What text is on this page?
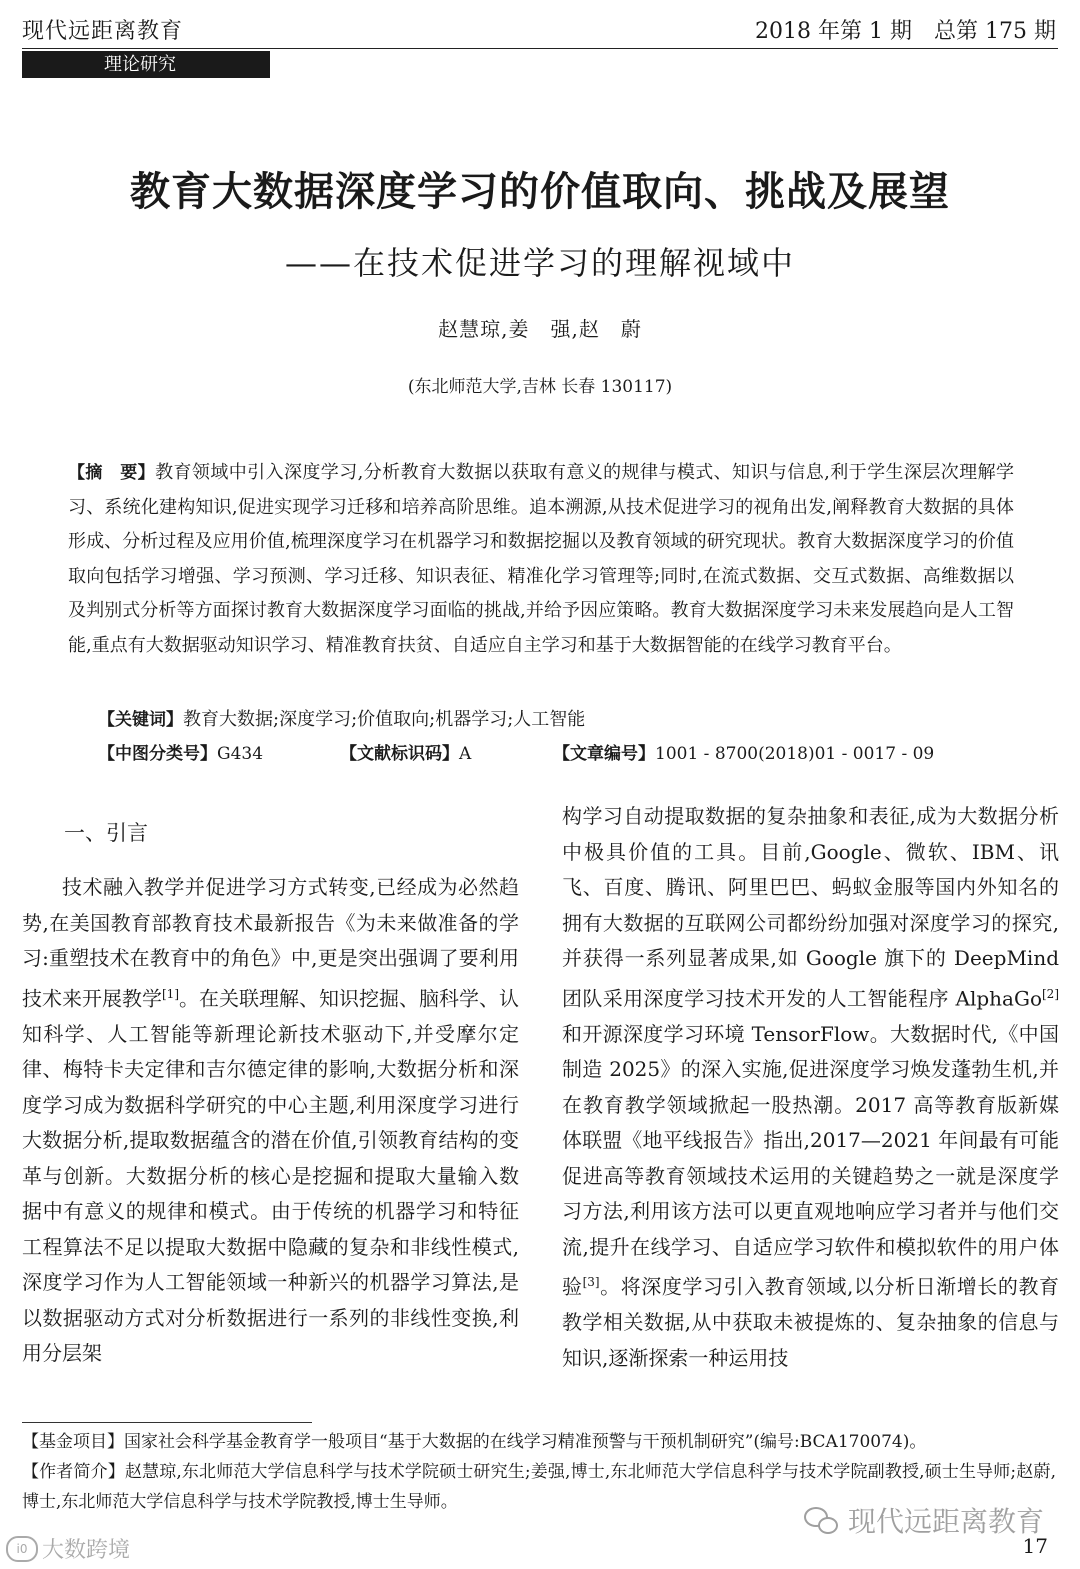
现代远距离教育	2018 年第 1 期　总第 175 期
理论研究
教育大数据深度学习的价值取向、挑战及展望
——在技术促进学习的理解视域中
赵慧琼,姜　强,赵　蔚
(东北师范大学,吉林 长春 130117)
【摘　要】教育领域中引入深度学习,分析教育大数据以获取有意义的规律与模式、知识与信息,利于学生深层次理解学习、系统化建构知识,促进实现学习迁移和培养高阶思维。追本溯源,从技术促进学习的视角出发,阐释教育大数据的具体形成、分析过程及应用价值,梳理深度学习在机器学习和数据挖掘以及教育领域的研究现状。教育大数据深度学习的价值取向包括学习增强、学习预测、学习迁移、知识表征、精准化学习管理等;同时,在流式数据、交互式数据、高维数据以及判别式分析等方面探讨教育大数据深度学习面临的挑战,并给予因应策略。教育大数据深度学习未来发展趋向是人工智能,重点有大数据驱动知识学习、精准教育扶贫、自适应自主学习和基于大数据智能的在线学习教育平台。
【关键词】教育大数据;深度学习;价值取向;机器学习;人工智能
【中图分类号】G434	【文献标识码】A	【文章编号】1001 - 8700(2018)01 - 0017 - 09
一、引言

技术融入教学并促进学习方式转变,已经成为必然趋势,在美国教育部教育技术最新报告《为未来做准备的学习:重塑技术在教育中的角色》中,更是突出强调了要利用技术来开展教学[1]。在关联理解、知识挖掘、脑科学、认知科学、人工智能等新理论新技术驱动下,并受摩尔定律、梅特卡夫定律和吉尔德定律的影响,大数据分析和深度学习成为数据科学研究的中心主题,利用深度学习进行大数据分析,提取数据蕴含的潜在价值,引领教育结构的变革与创新。大数据分析的核心是挖掘和提取大量输入数据中有意义的规律和模式。由于传统的机器学习和特征工程算法不足以提取大数据中隐藏的复杂和非线性模式,深度学习作为人工智能领域一种新兴的机器学习算法,是以数据驱动方式对分析数据进行一系列的非线性变换,利用分层架

构学习自动提取数据的复杂抽象和表征,成为大数据分析中极具价值的工具。目前,Google、微软、IBM、讯飞、百度、腾讯、阿里巴巴、蚂蚁金服等国内外知名的拥有大数据的互联网公司都纷纷加强对深度学习的探究,并获得一系列显著成果,如 Google 旗下的 DeepMind 团队采用深度学习技术开发的人工智能程序 AlphaGo[2]和开源深度学习环境 TensorFlow。大数据时代,《中国制造 2025》的深入实施,促进深度学习焕发蓬勃生机,并在教育教学领域掀起一股热潮。2017 高等教育版新媒体联盟《地平线报告》指出,2017—2021 年间最有可能促进高等教育领域技术运用的关键趋势之一就是深度学习方法,利用该方法可以更直观地响应学习者并与他们交流,提升在线学习、自适应学习软件和模拟软件的用户体验[3]。将深度学习引入教育领域,以分析日渐增长的教育教学相关数据,从中获取未被提炼的、复杂抽象的信息与知识,逐渐探索一种运用技

【基金项目】国家社会科学基金教育学一般项目“基于大数据的在线学习精准预警与干预机制研究”(编号:BCA170074)。

【作者简介】赵慧琼,东北师范大学信息科学与技术学院硕士研究生;姜强,博士,东北师范大学信息科学与技术学院副教授,硕士生导师;赵蔚,博士,东北师范大学信息科学与技术学院教授,博士生导师。

现代远距离教育
i0 大数跨境	17
